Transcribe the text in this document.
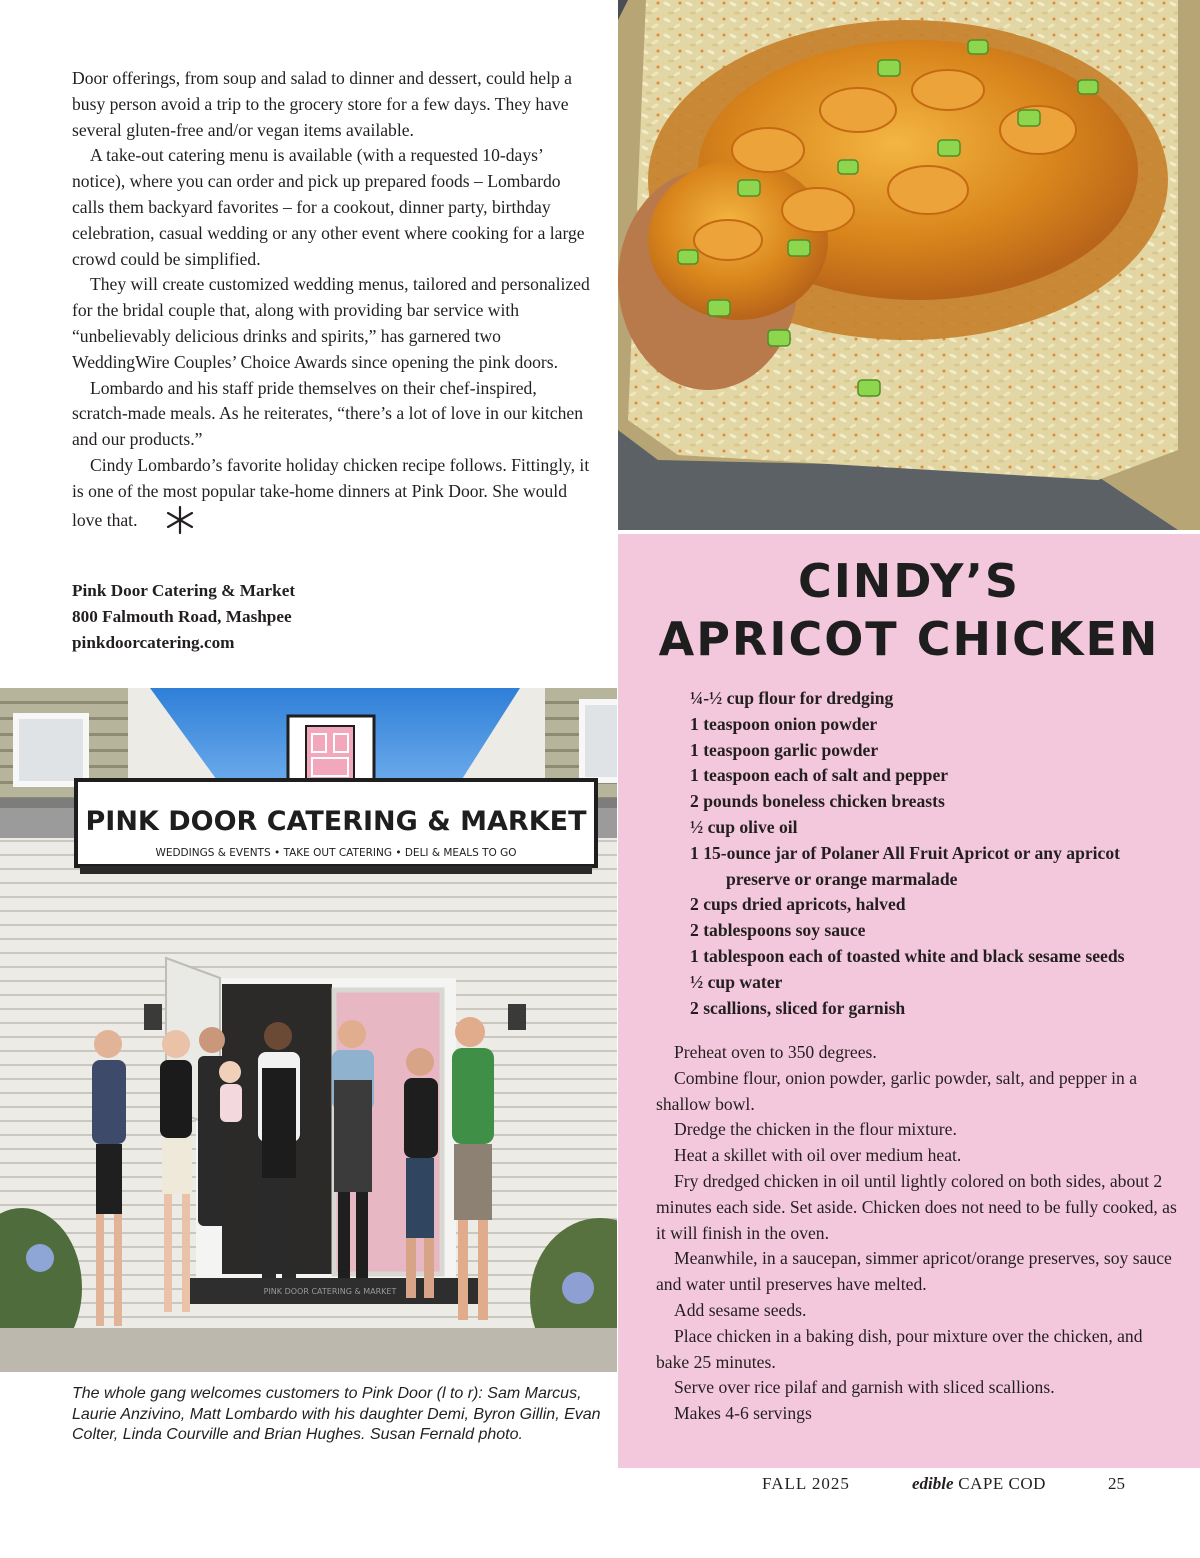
Door offerings, from soup and salad to dinner and dessert, could help a busy person avoid a trip to the grocery store for a few days. They have several gluten-free and/or vegan items available.

A take-out catering menu is available (with a requested 10-days’ notice), where you can order and pick up prepared foods – Lombardo calls them backyard favorites – for a cookout, dinner party, birthday celebration, casual wedding or any other event where cooking for a large crowd could be simplified.

They will create customized wedding menus, tailored and personalized for the bridal couple that, along with providing bar service with “unbelievably delicious drinks and spirits,” has garnered two WeddingWire Couples’ Choice Awards since opening the pink doors.

Lombardo and his staff pride themselves on their chef-inspired, scratch-made meals. As he reiterates, “there’s a lot of love in our kitchen and our products.”

Cindy Lombardo’s favorite holiday chicken recipe follows. Fittingly, it is one of the most popular take-home dinners at Pink Door. She would love that.

Pink Door Catering & Market
800 Falmouth Road, Mashpee
pinkdoorcatering.com
PINK DOOR CATERING & MARKET
WEDDINGS & EVENTS • TAKE OUT CATERING • DELI & MEALS TO GO
PINK DOOR CATERING & MARKET
The whole gang welcomes customers to Pink Door (l to r): Sam Marcus, Laurie Anzivino, Matt Lombardo with his daughter Demi, Byron Gillin, Evan Colter, Linda Courville and Brian Hughes. Susan Fernald photo.
CINDY’S
APRICOT CHICKEN
¼-½ cup flour for dredging
1 teaspoon onion powder
1 teaspoon garlic powder
1 teaspoon each of salt and pepper
2 pounds boneless chicken breasts
½ cup olive oil
1 15-ounce jar of Polaner All Fruit Apricot or any apricot preserve or orange marmalade
2 cups dried apricots, halved
2 tablespoons soy sauce
1 tablespoon each of toasted white and black sesame seeds
½ cup water
2 scallions, sliced for garnish

Preheat oven to 350 degrees.

Combine flour, onion powder, garlic powder, salt, and pepper in a shallow bowl.

Dredge the chicken in the flour mixture.

Heat a skillet with oil over medium heat.

Fry dredged chicken in oil until lightly colored on both sides, about 2 minutes each side. Set aside. Chicken does not need to be fully cooked, as it will finish in the oven.

Meanwhile, in a saucepan, simmer apricot/orange preserves, soy sauce and water until preserves have melted.

Add sesame seeds.

Place chicken in a baking dish, pour mixture over the chicken, and bake 25 minutes.

Serve over rice pilaf and garnish with sliced scallions.

Makes 4-6 servings

FALL 2025	edible CAPE COD	25
